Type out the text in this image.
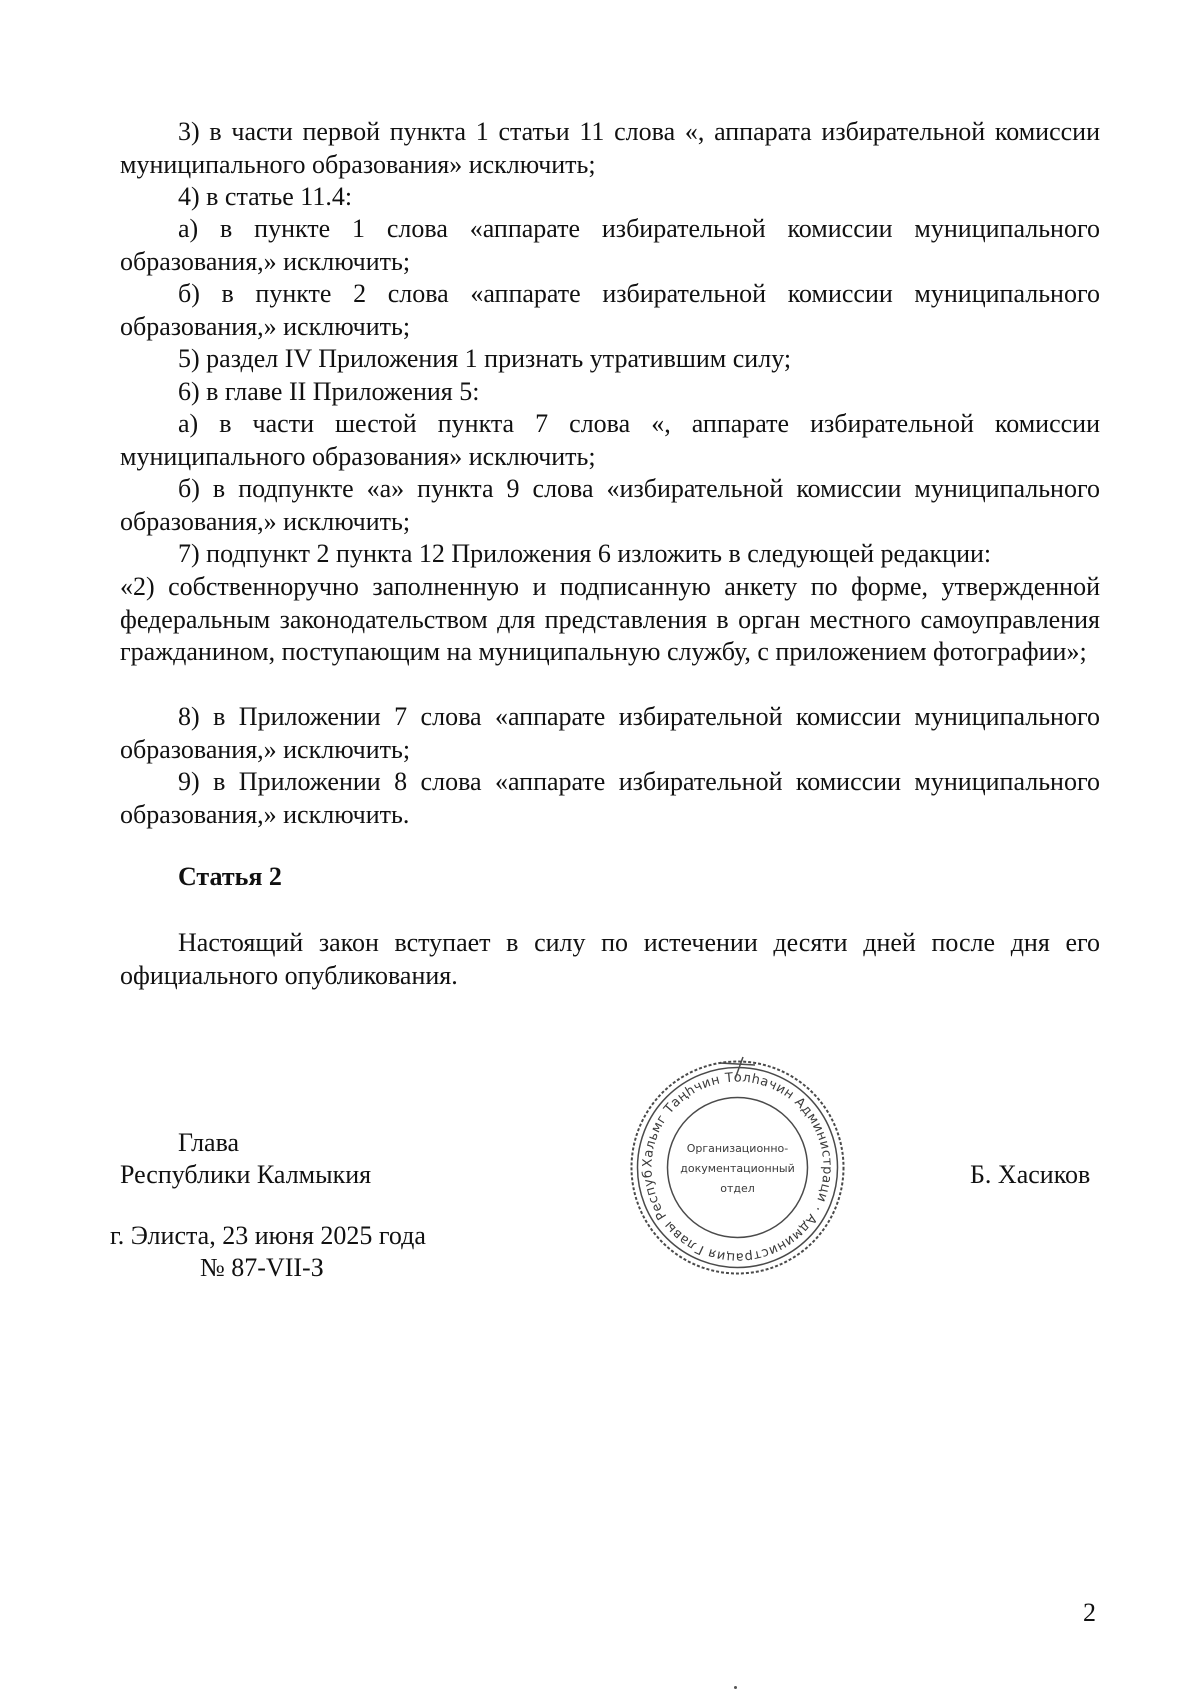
3) в части первой пункта 1 статьи 11 слова «, аппарата избирательной комиссии муниципального образования» исключить;

4) в статье 11.4:

а) в пункте 1 слова «аппарате избирательной комиссии муниципального образования,» исключить;

б) в пункте 2 слова «аппарате избирательной комиссии муниципального образования,» исключить;

5) раздел IV Приложения 1 признать утратившим силу;

6) в главе II Приложения 5:

а) в части шестой пункта 7 слова «, аппарате избирательной комиссии муниципального образования» исключить;

б) в подпункте «а» пункта 9 слова «избирательной комиссии муниципального образования,» исключить;

7) подпункт 2 пункта 12 Приложения 6 изложить в следующей редакции:

«2) собственноручно заполненную и подписанную анкету по форме, утвержденной федеральным законодательством для представления в орган местного самоуправления гражданином, поступающим на муниципальную службу, с приложением фотографии»;

8) в Приложении 7 слова «аппарате избирательной комиссии муниципального образования,» исключить;

9) в Приложении 8 слова «аппарате избирательной комиссии муниципального образования,» исключить.

Статья 2

Настоящий закон вступает в силу по истечении десяти дней после дня его официального опубликования.

Глава

Республики Калмыкия	Б. Хасиков

г. Элиста, 23 июня 2025 года

№ 87-VII-З

Хальмг Таңһчин Толһачин Администраци · Администрация Главы Респуб
Организационно-
документационный
отдел
2
